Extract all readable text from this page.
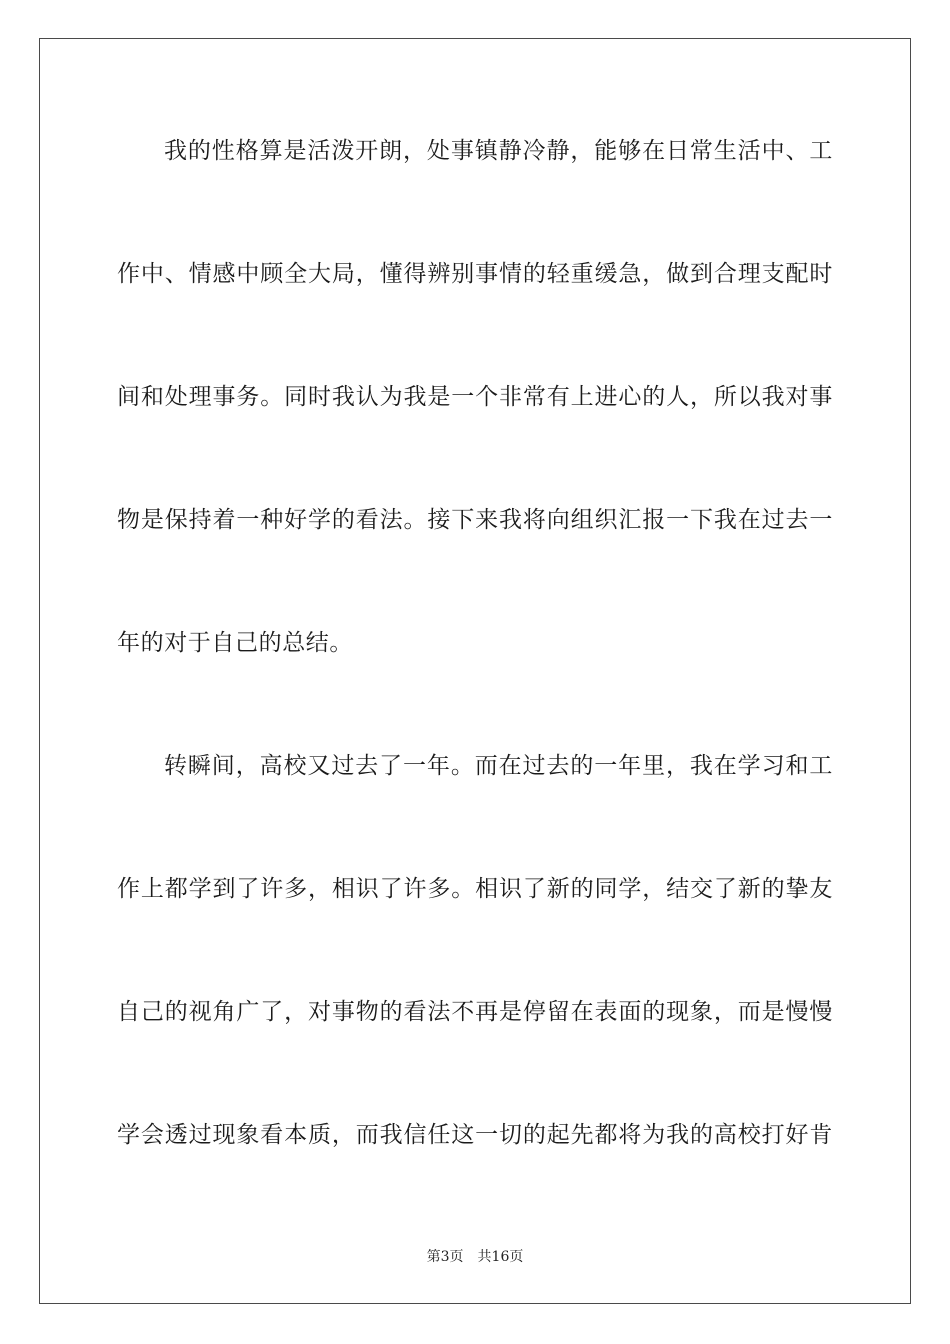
我的性格算是活泼开朗，处事镇静冷静，能够在日常生活中、工
作中、情感中顾全大局，懂得辨别事情的轻重缓急，做到合理支配时
间和处理事务。同时我认为我是一个非常有上进心的人，所以我对事
物是保持着一种好学的看法。接下来我将向组织汇报一下我在过去一
年的对于自己的总结。
转瞬间，高校又过去了一年。而在过去的一年里，我在学习和工
作上都学到了许多，相识了许多。相识了新的同学，结交了新的挚友
自己的视角广了，对事物的看法不再是停留在表面的现象，而是慢慢
学会透过现象看本质，而我信任这一切的起先都将为我的高校打好肯
第3页 共16页
